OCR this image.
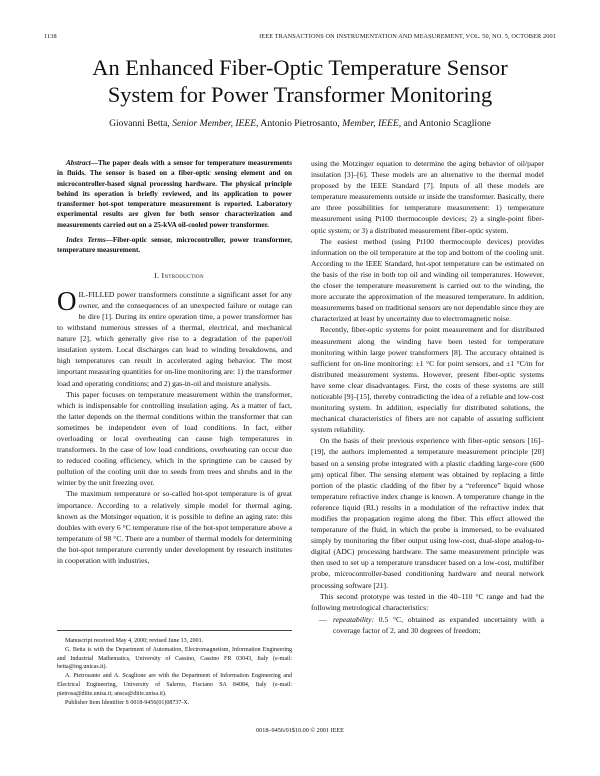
1138	IEEE TRANSACTIONS ON INSTRUMENTATION AND MEASUREMENT, VOL. 50, NO. 5, OCTOBER 2001
An Enhanced Fiber-Optic Temperature Sensor
System for Power Transformer Monitoring
Giovanni Betta, Senior Member, IEEE, Antonio Pietrosanto, Member, IEEE, and Antonio Scaglione

Abstract—The paper deals with a sensor for temperature measurements in fluids. The sensor is based on a fiber-optic sensing element and on microcontroller-based signal processing hardware. The physical principle behind its operation is briefly reviewed, and its application to power transformer hot-spot temperature measurement is reported. Laboratory experimental results are given for both sensor characterization and measurements carried out on a 25-kVA oil-cooled power transformer.

Index Terms—Fiber-optic sensor, microcontroller, power transformer, temperature measurement.

I. Introduction

OIL-FILLED power transformers constitute a significant asset for any owner, and the consequences of an unexpected failure or outage can be dire [1]. During its entire operation time, a power transformer has to withstand numerous stresses of a thermal, electrical, and mechanical nature [2], which generally give rise to a degradation of the paper/oil insulation system. Local discharges can lead to winding breakdowns, and high temperatures can result in accelerated aging behavior. The most important measuring quantities for on-line monitoring are: 1) the transformer load and operating conditions; and 2) gas-in-oil and moisture analysis.

This paper focuses on temperature measurement within the transformer, which is indispensable for controlling insulation aging. As a matter of fact, the latter depends on the thermal conditions within the transformer that can sometimes be independent even of load conditions. In fact, either overloading or local overheating can cause high temperatures in transformers. In the case of low load conditions, overheating can occur due to reduced cooling efficiency, which in the springtime can be caused by pollution of the cooling unit due to seeds from trees and shrubs and in the winter by the unit freezing over.

The maximum temperature or so-called hot-spot temperature is of great importance. According to a relatively simple model for thermal aging, known as the Motsinger equation, it is possible to define an aging rate: this doubles with every 6 °C temperature rise of the hot-spot temperature above a temperature of 98 °C. There are a number of thermal models for determining the hot-spot temperature currently under development by research institutes in cooperation with industries,

Manuscript received May 4, 2000; revised June 13, 2001.

G. Betta is with the Department of Automation, Electromagnetism, Information Engineering and Industrial Mathematics, University of Cassino, Cassino FR 03043, Italy (e-mail: betta@ing.unicas.it).

A. Pietrosanto and A. Scaglione are with the Department of Information Engineering and Electrical Engineering, University of Salerno, Fisciano SA 84084, Italy (e-mail: pietrosa@diiie.unisa.it; ansca@diiie.unisa.it).

Publisher Item Identifier S 0018-9456(01)08737-X.

using the Motzinger equation to determine the aging behavior of oil/paper insulation [3]–[6]. These models are an alternative to the thermal model proposed by the IEEE Standard [7]. Inputs of all these models are temperature measurements outside or inside the transformer. Basically, there are three possibilities for temperature measurement: 1) temperature measurement using Pt100 thermocouple devices; 2) a single-point fiber-optic system; or 3) a distributed measurement fiber-optic system.

The easiest method (using Pt100 thermocouple devices) provides information on the oil temperature at the top and bottom of the cooling unit. According to the IEEE Standard, hot-spot temperature can be estimated on the basis of the rise in both top oil and winding oil temperatures. However, the closer the temperature measurement is carried out to the winding, the more accurate the approximation of the measured temperature. In addition, measurements based on traditional sensors are not dependable since they are characterized at least by uncertainty due to electromagnetic noise.

Recently, fiber-optic systems for point measurement and for distributed measurement along the winding have been tested for temperature monitoring within large power transformers [8]. The accuracy obtained is sufficient for on-line monitoring: ±1 °C for point sensors, and ±1 °C/m for distributed measurement systems. However, present fiber-optic systems have some clear disadvantages. First, the costs of these systems are still noticeable [9]–[15], thereby contradicting the idea of a reliable and low-cost monitoring system. In addition, especially for distributed solutions, the mechanical characteristics of fibers are not capable of assuring sufficient system reliability.

On the basis of their previous experience with fiber-optic sensors [16]–[19], the authors implemented a temperature measurement principle [20] based on a sensing probe integrated with a plastic cladding large-core (600 μm) optical fiber. The sensing element was obtained by replacing a little portion of the plastic cladding of the fiber by a “reference” liquid whose temperature refractive index change is known. A temperature change in the reference liquid (RL) results in a modulation of the refractive index that modifies the propagation regime along the fiber. This effect allowed the temperature of the fluid, in which the probe is immersed, to be evaluated simply by monitoring the fiber output using low-cost, dual-slope analog-to-digital (ADC) processing hardware. The same measurement principle was then used to set up a temperature transducer based on a low-cost, multifiber probe, microcontroller-based conditioning hardware and neural network processing software [21].

This second prototype was tested in the 40–110 °C range and had the following metrological characteristics:

— repeatability: 0.5 °C, obtained as expanded uncertainty with a coverage factor of 2, and 30 degrees of freedom;

0018–9456/01$10.00 © 2001 IEEE
